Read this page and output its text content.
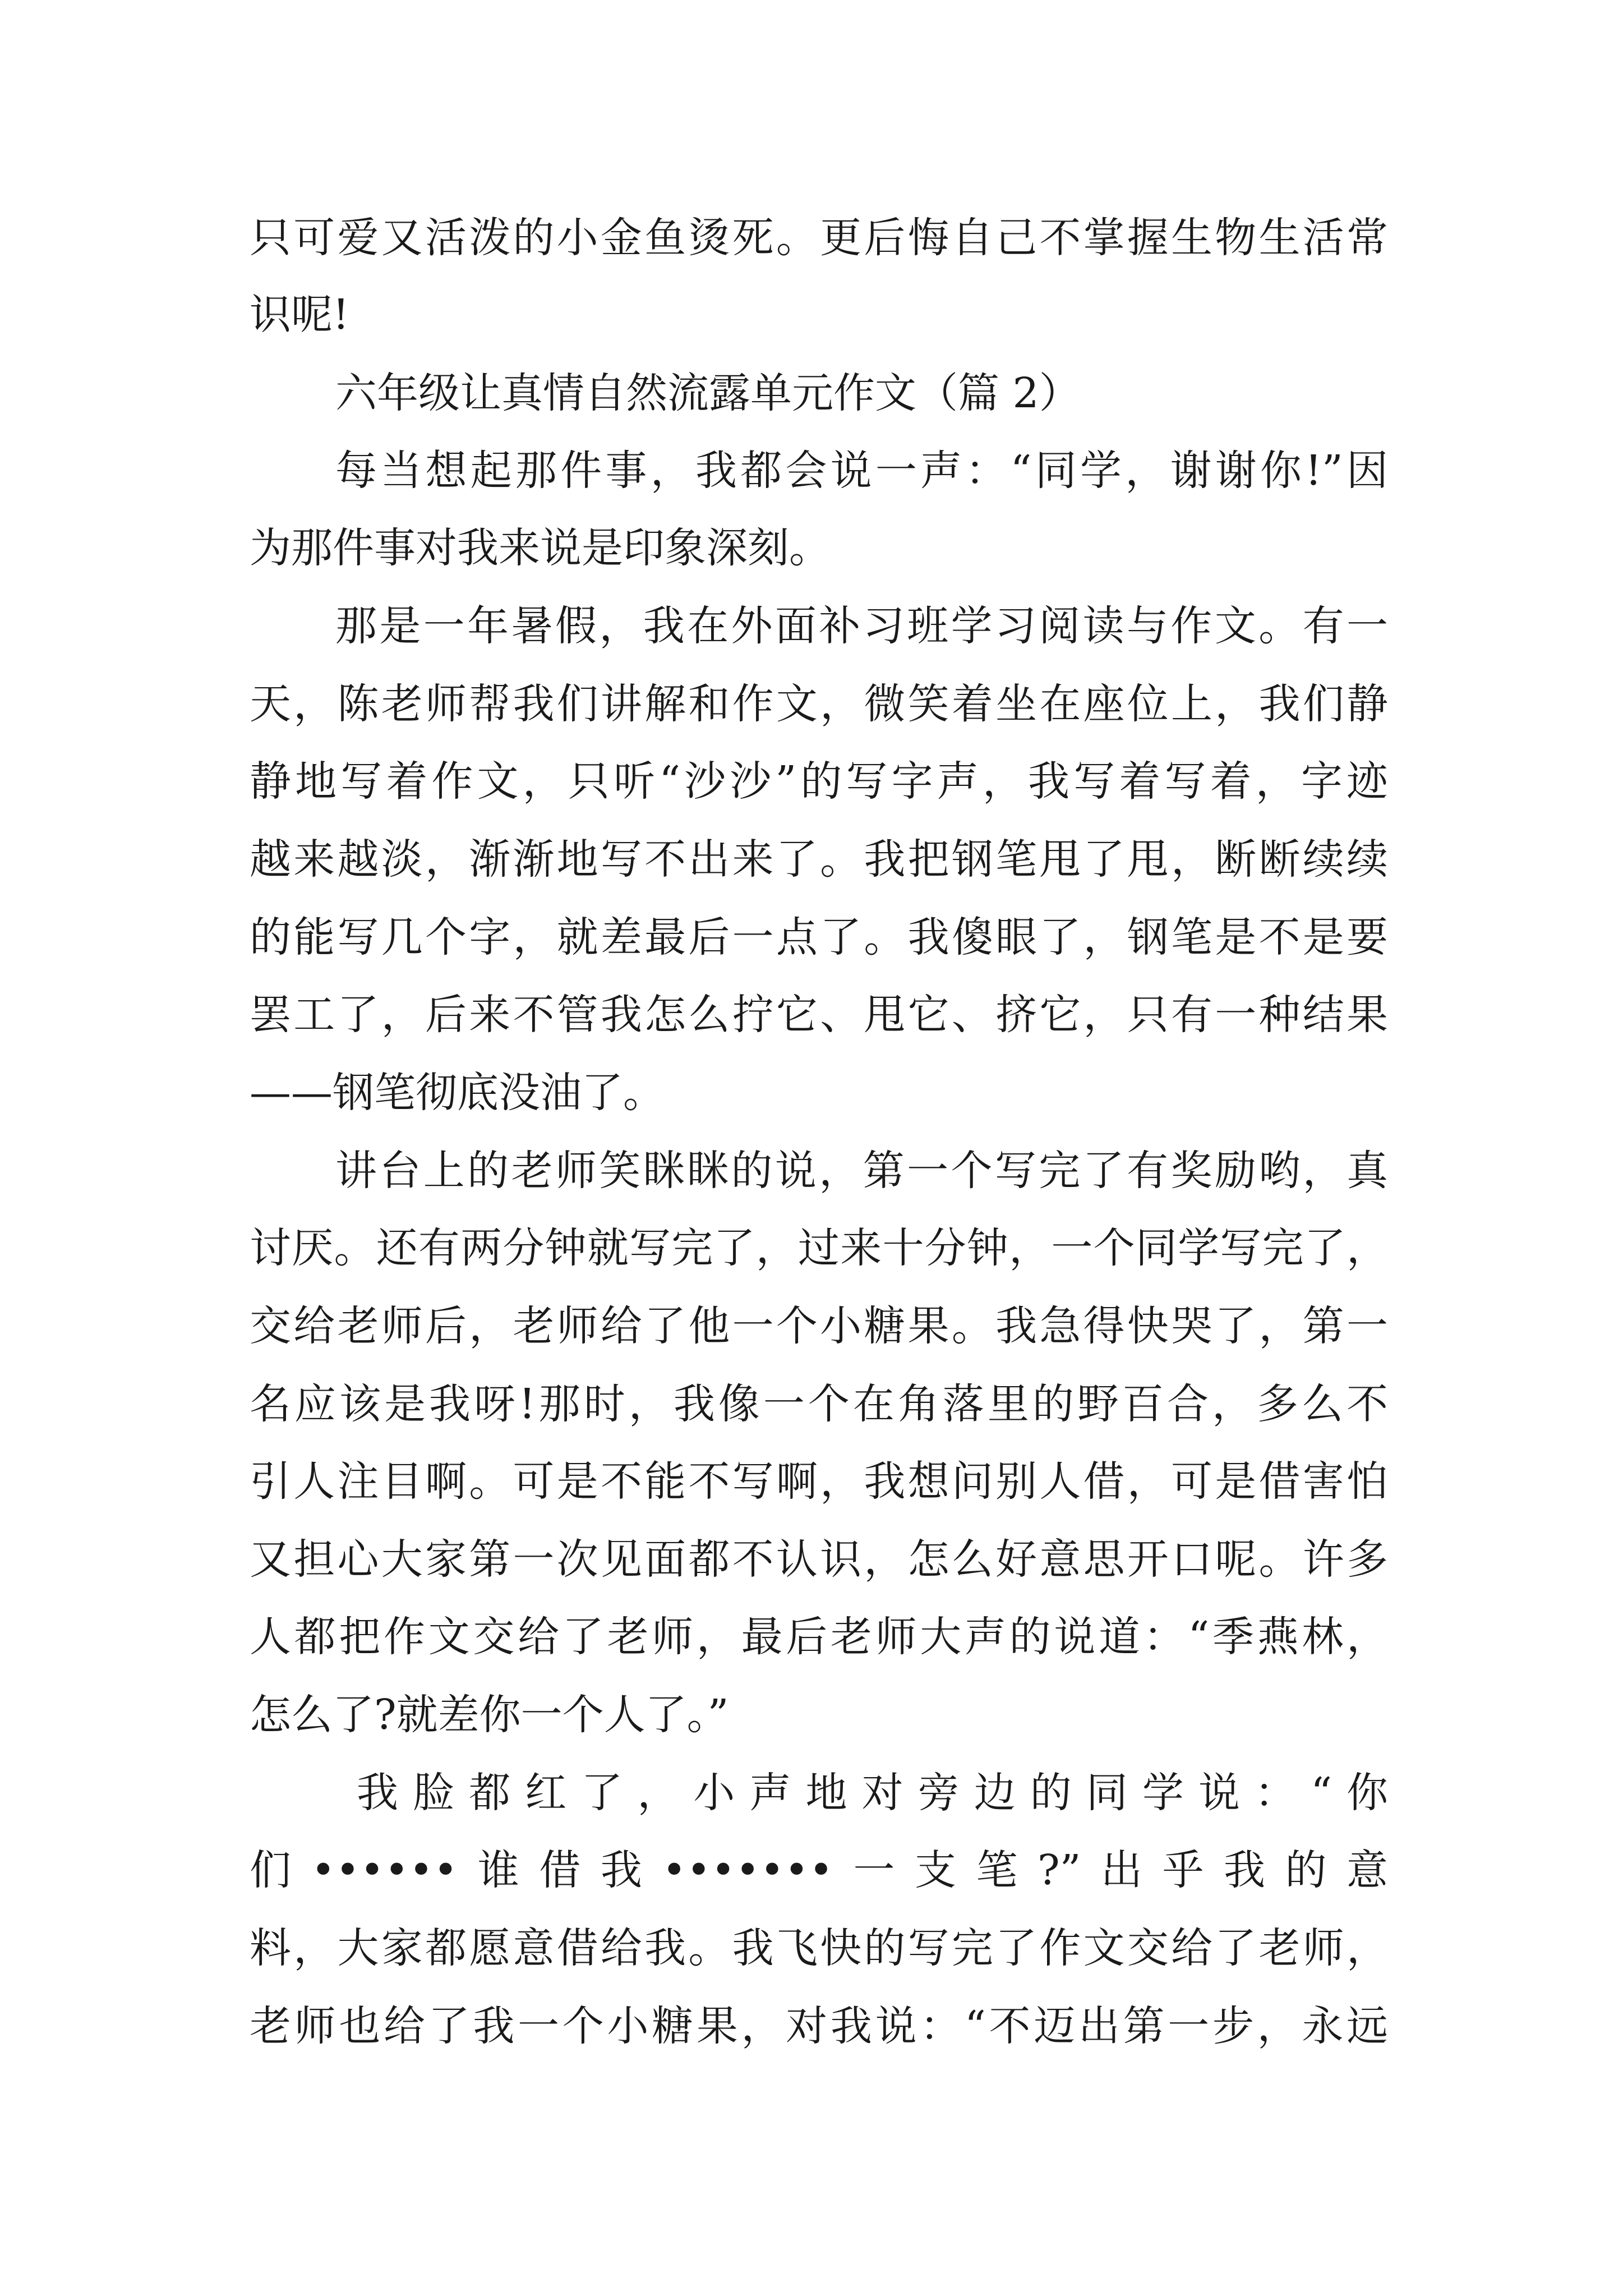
只可爱又活泼的小金鱼烫死。更后悔自己不掌握生物生活常
识呢!
六年级让真情自然流露单元作文（篇 2）
每当想起那件事，我都会说一声：“同学，谢谢你!”因
为那件事对我来说是印象深刻。
那是一年暑假，我在外面补习班学习阅读与作文。有一
天，陈老师帮我们讲解和作文，微笑着坐在座位上，我们静
静地写着作文，只听“沙沙”的写字声，我写着写着，字迹
越来越淡，渐渐地写不出来了。我把钢笔甩了甩，断断续续
的能写几个字，就差最后一点了。我傻眼了，钢笔是不是要
罢工了，后来不管我怎么拧它、甩它、挤它，只有一种结果
——钢笔彻底没油了。
讲台上的老师笑眯眯的说，第一个写完了有奖励哟，真
讨厌。还有两分钟就写完了，过来十分钟，一个同学写完了，
交给老师后，老师给了他一个小糖果。我急得快哭了，第一
名应该是我呀!那时，我像一个在角落里的野百合，多么不
引人注目啊。可是不能不写啊，我想问别人借，可是借害怕
又担心大家第一次见面都不认识，怎么好意思开口呢。许多
人都把作文交给了老师，最后老师大声的说道：“季燕林，
怎么了?就差你一个人了。”
我脸都红了，小声地对旁边的同学说：“你
们••••••谁借我•••••••一支笔?”出乎我的意
料，大家都愿意借给我。我飞快的写完了作文交给了老师，
老师也给了我一个小糖果，对我说：“不迈出第一步，永远
